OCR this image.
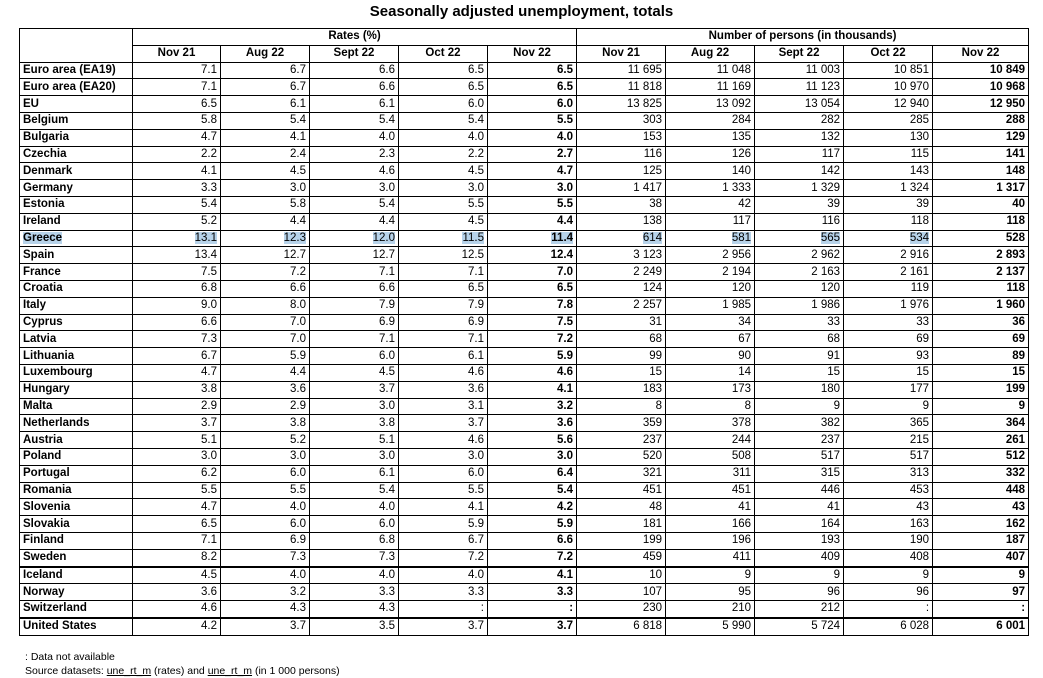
Seasonally adjusted unemployment, totals
	Rates (%)					Number of persons (in thousands)				
	Nov 21	Aug 22	Sept 22	Oct 22	Nov 22	Nov 21	Aug 22	Sept 22	Oct 22	Nov 22
Euro area (EA19)	7.1	6.7	6.6	6.5	6.5	11 695	11 048	11 003	10 851	10 849
Euro area (EA20)	7.1	6.7	6.6	6.5	6.5	11 818	11 169	11 123	10 970	10 968
EU	6.5	6.1	6.1	6.0	6.0	13 825	13 092	13 054	12 940	12 950
Belgium	5.8	5.4	5.4	5.4	5.5	303	284	282	285	288
Bulgaria	4.7	4.1	4.0	4.0	4.0	153	135	132	130	129
Czechia	2.2	2.4	2.3	2.2	2.7	116	126	117	115	141
Denmark	4.1	4.5	4.6	4.5	4.7	125	140	142	143	148
Germany	3.3	3.0	3.0	3.0	3.0	1 417	1 333	1 329	1 324	1 317
Estonia	5.4	5.8	5.4	5.5	5.5	38	42	39	39	40
Ireland	5.2	4.4	4.4	4.5	4.4	138	117	116	118	118
Greece	13.1	12.3	12.0	11.5	11.4	614	581	565	534	528
Spain	13.4	12.7	12.7	12.5	12.4	3 123	2 956	2 962	2 916	2 893
France	7.5	7.2	7.1	7.1	7.0	2 249	2 194	2 163	2 161	2 137
Croatia	6.8	6.6	6.6	6.5	6.5	124	120	120	119	118
Italy	9.0	8.0	7.9	7.9	7.8	2 257	1 985	1 986	1 976	1 960
Cyprus	6.6	7.0	6.9	6.9	7.5	31	34	33	33	36
Latvia	7.3	7.0	7.1	7.1	7.2	68	67	68	69	69
Lithuania	6.7	5.9	6.0	6.1	5.9	99	90	91	93	89
Luxembourg	4.7	4.4	4.5	4.6	4.6	15	14	15	15	15
Hungary	3.8	3.6	3.7	3.6	4.1	183	173	180	177	199
Malta	2.9	2.9	3.0	3.1	3.2	8	8	9	9	9
Netherlands	3.7	3.8	3.8	3.7	3.6	359	378	382	365	364
Austria	5.1	5.2	5.1	4.6	5.6	237	244	237	215	261
Poland	3.0	3.0	3.0	3.0	3.0	520	508	517	517	512
Portugal	6.2	6.0	6.1	6.0	6.4	321	311	315	313	332
Romania	5.5	5.5	5.4	5.5	5.4	451	451	446	453	448
Slovenia	4.7	4.0	4.0	4.1	4.2	48	41	41	43	43
Slovakia	6.5	6.0	6.0	5.9	5.9	181	166	164	163	162
Finland	7.1	6.9	6.8	6.7	6.6	199	196	193	190	187
Sweden	8.2	7.3	7.3	7.2	7.2	459	411	409	408	407
Iceland	4.5	4.0	4.0	4.0	4.1	10	9	9	9	9
Norway	3.6	3.2	3.3	3.3	3.3	107	95	96	96	97
Switzerland	4.6	4.3	4.3	:	:	230	210	212	:	:
United States	4.2	3.7	3.5	3.7	3.7	6 818	5 990	5 724	6 028	6 001
: Data not available
Source datasets: une_rt_m (rates) and une_rt_m (in 1 000 persons)
